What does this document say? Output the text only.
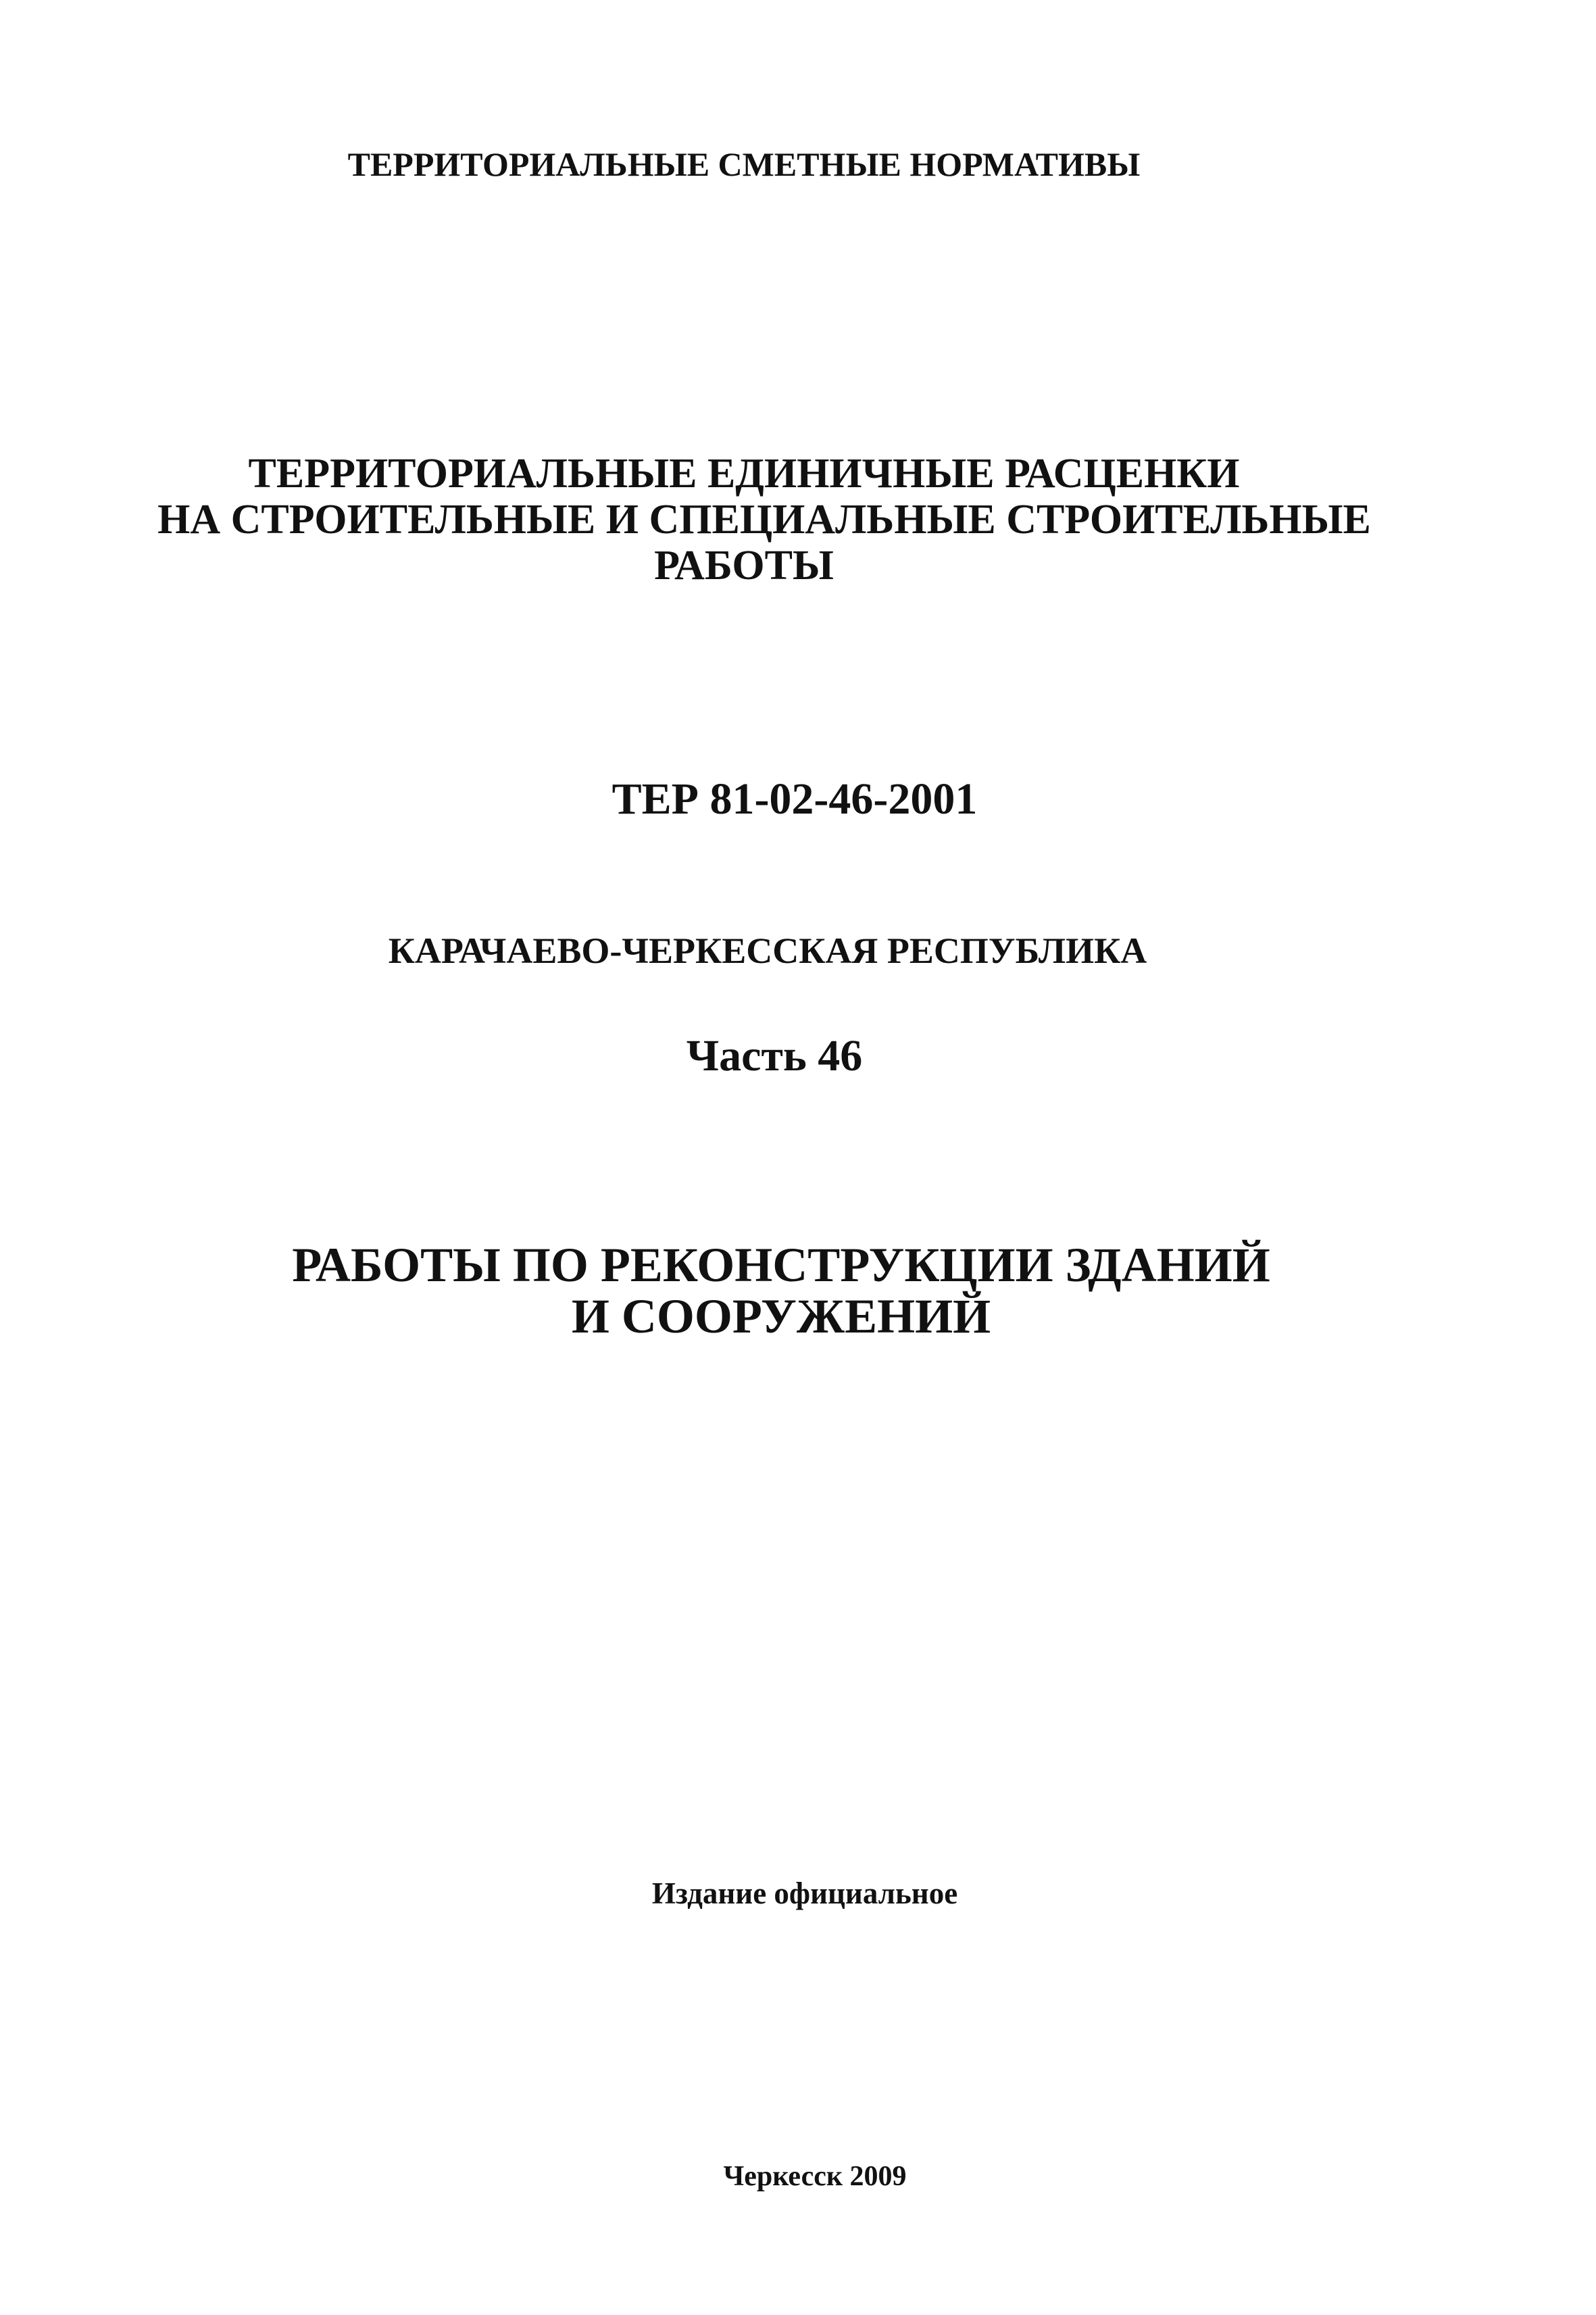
ТЕРРИТОРИАЛЬНЫЕ СМЕТНЫЕ НОРМАТИВЫ
ТЕРРИТОРИАЛЬНЫЕ ЕДИНИЧНЫЕ РАСЦЕНКИ
НА СТРОИТЕЛЬНЫЕ И СПЕЦИАЛЬНЫЕ СТРОИТЕЛЬНЫЕ
РАБОТЫ
ТЕР 81-02-46-2001
КАРАЧАЕВО-ЧЕРКЕССКАЯ РЕСПУБЛИКА
Часть 46
РАБОТЫ ПО РЕКОНСТРУКЦИИ ЗДАНИЙ
И СООРУЖЕНИЙ
Издание официальное
Черкесск 2009
